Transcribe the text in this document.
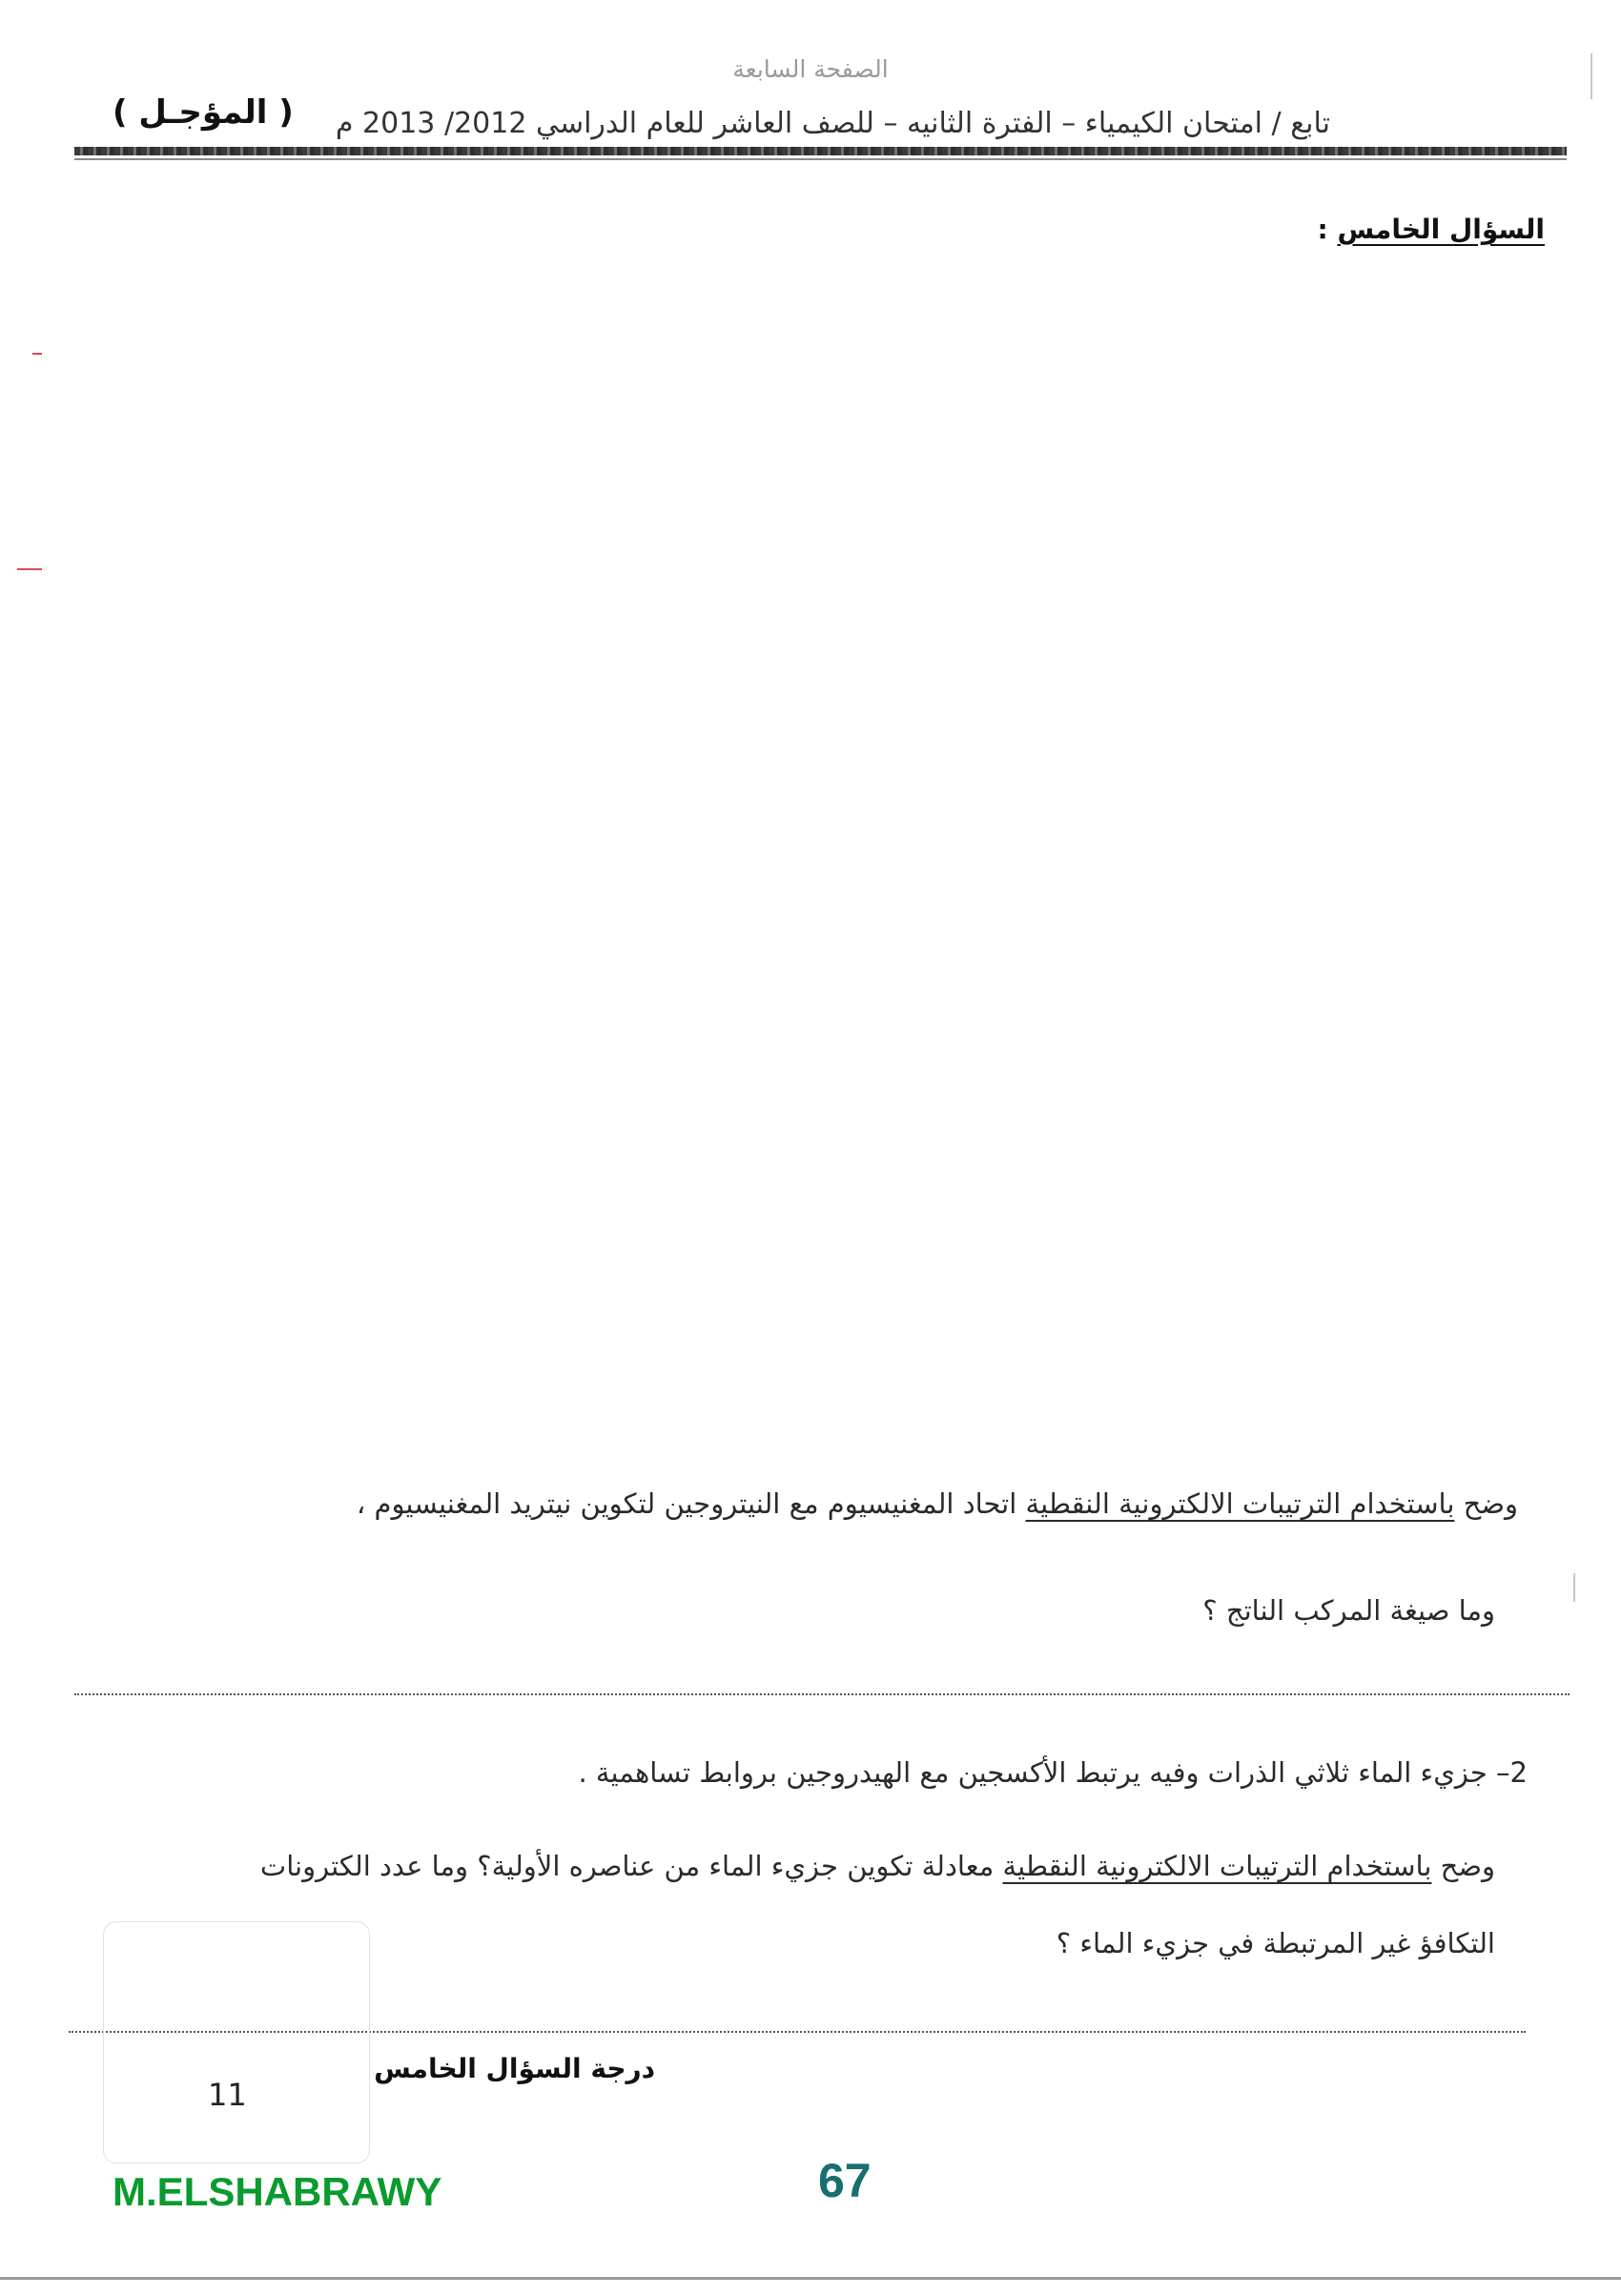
الصفحة السابعة
تابع / امتحان الكيمياء – الفترة الثانيه – للصف العاشر للعام الدراسي 2012/ 2013 م
( المؤجـل )
السؤال الخامس :
وضح باستخدام الترتيبات الالكترونية النقطية اتحاد المغنيسيوم مع النيتروجين لتكوين نيتريد المغنيسيوم ،
وما صيغة المركب الناتج ؟
2– جزيء الماء ثلاثي الذرات وفيه يرتبط الأكسجين مع الهيدروجين بروابط تساهمية .
وضح باستخدام الترتيبات الالكترونية النقطية معادلة تكوين جزيء الماء من عناصره الأولية؟ وما عدد الكترونات
التكافؤ غير المرتبطة في جزيء الماء ؟
11
درجة السؤال الخامس
M.ELSHABRAWY	67
